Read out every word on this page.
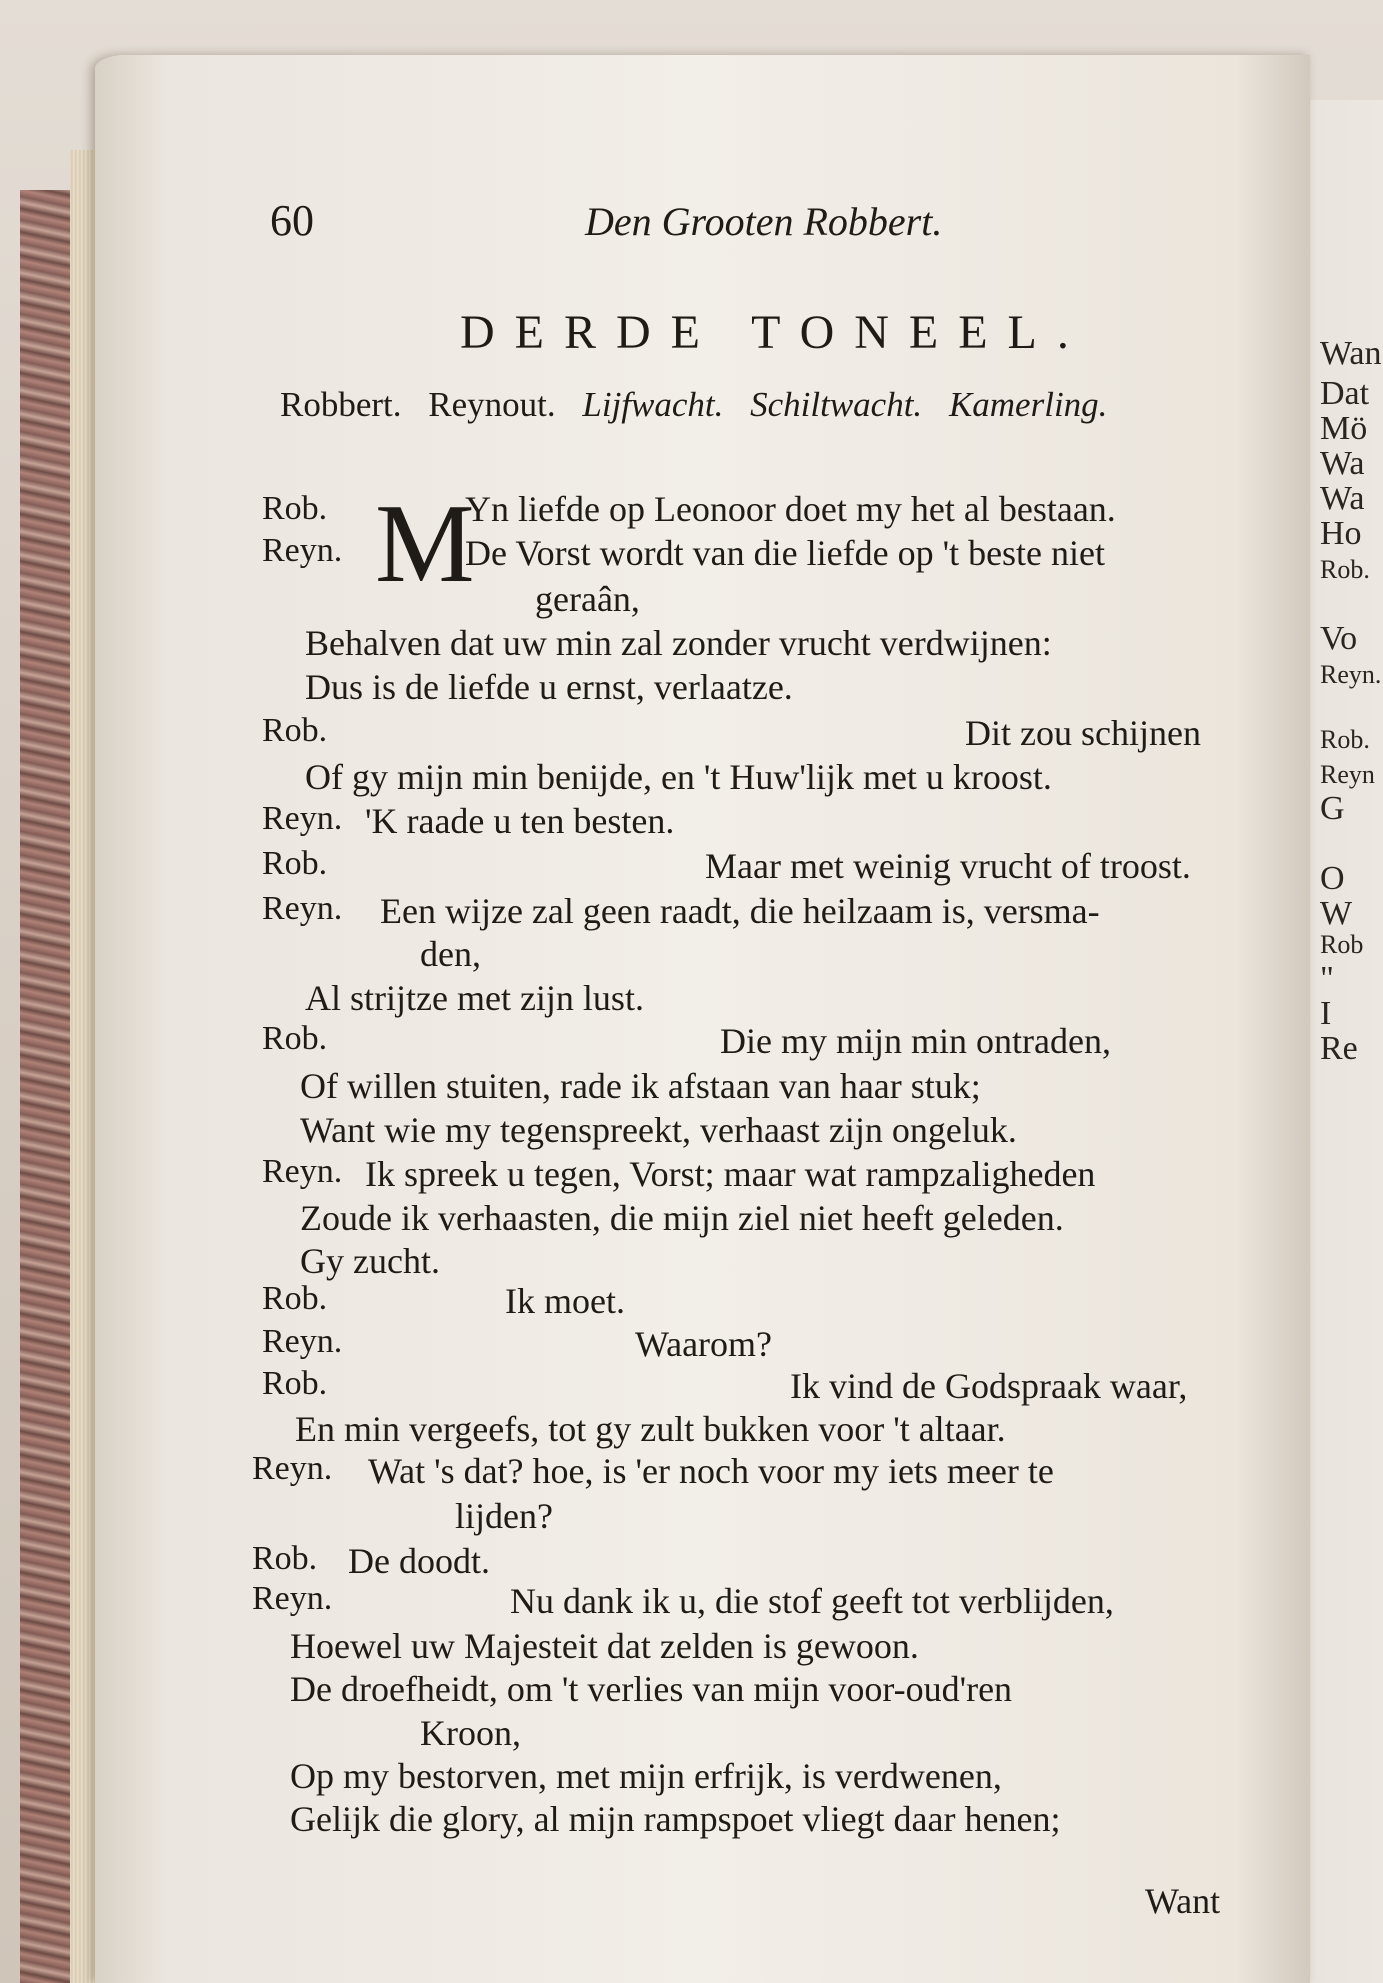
Wan
Dat
Mö
Wa
Wa
Ho
Rob.
Vo
Reyn.
Rob.
Reyn
G
O
W
Rob
"
I
Re
60	Den Grooten Robbert.
DERDE TONEEL.
Robbert. Reynout. Lijfwacht. Schiltwacht. Kamerling.
M
Rob.
Reyn.
Rob.
Reyn.
Rob.
Reyn.
Rob.
Reyn.
Rob.
Reyn.
Rob.
Reyn.
Rob.
Reyn.
Yn liefde op Leonoor doet my het al bestaan.
De Vorst wordt van die liefde op 't beste niet
geraân,
Behalven dat uw min zal zonder vrucht verdwijnen:
Dus is de liefde u ernst, verlaatze.
Dit zou schijnen
Of gy mijn min benijde, en 't Huw'lijk met u kroost.
'K raade u ten besten.
Maar met weinig vrucht of troost.
Een wijze zal geen raadt, die heilzaam is, versma-
den,
Al strijtze met zijn lust.
Die my mijn min ontraden,
Of willen stuiten, rade ik afstaan van haar stuk;
Want wie my tegenspreekt, verhaast zijn ongeluk.
Ik spreek u tegen, Vorst; maar wat rampzaligheden
Zoude ik verhaasten, die mijn ziel niet heeft geleden.
Gy zucht.
Ik moet.
Waarom?
Ik vind de Godspraak waar,
En min vergeefs, tot gy zult bukken voor 't altaar.
Wat 's dat? hoe, is 'er noch voor my iets meer te
lijden?
De doodt.
Nu dank ik u, die stof geeft tot verblijden,
Hoewel uw Majesteit dat zelden is gewoon.
De droefheidt, om 't verlies van mijn voor-oud'ren
Kroon,
Op my bestorven, met mijn erfrijk, is verdwenen,
Gelijk die glory, al mijn rampspoet vliegt daar henen;
Want
